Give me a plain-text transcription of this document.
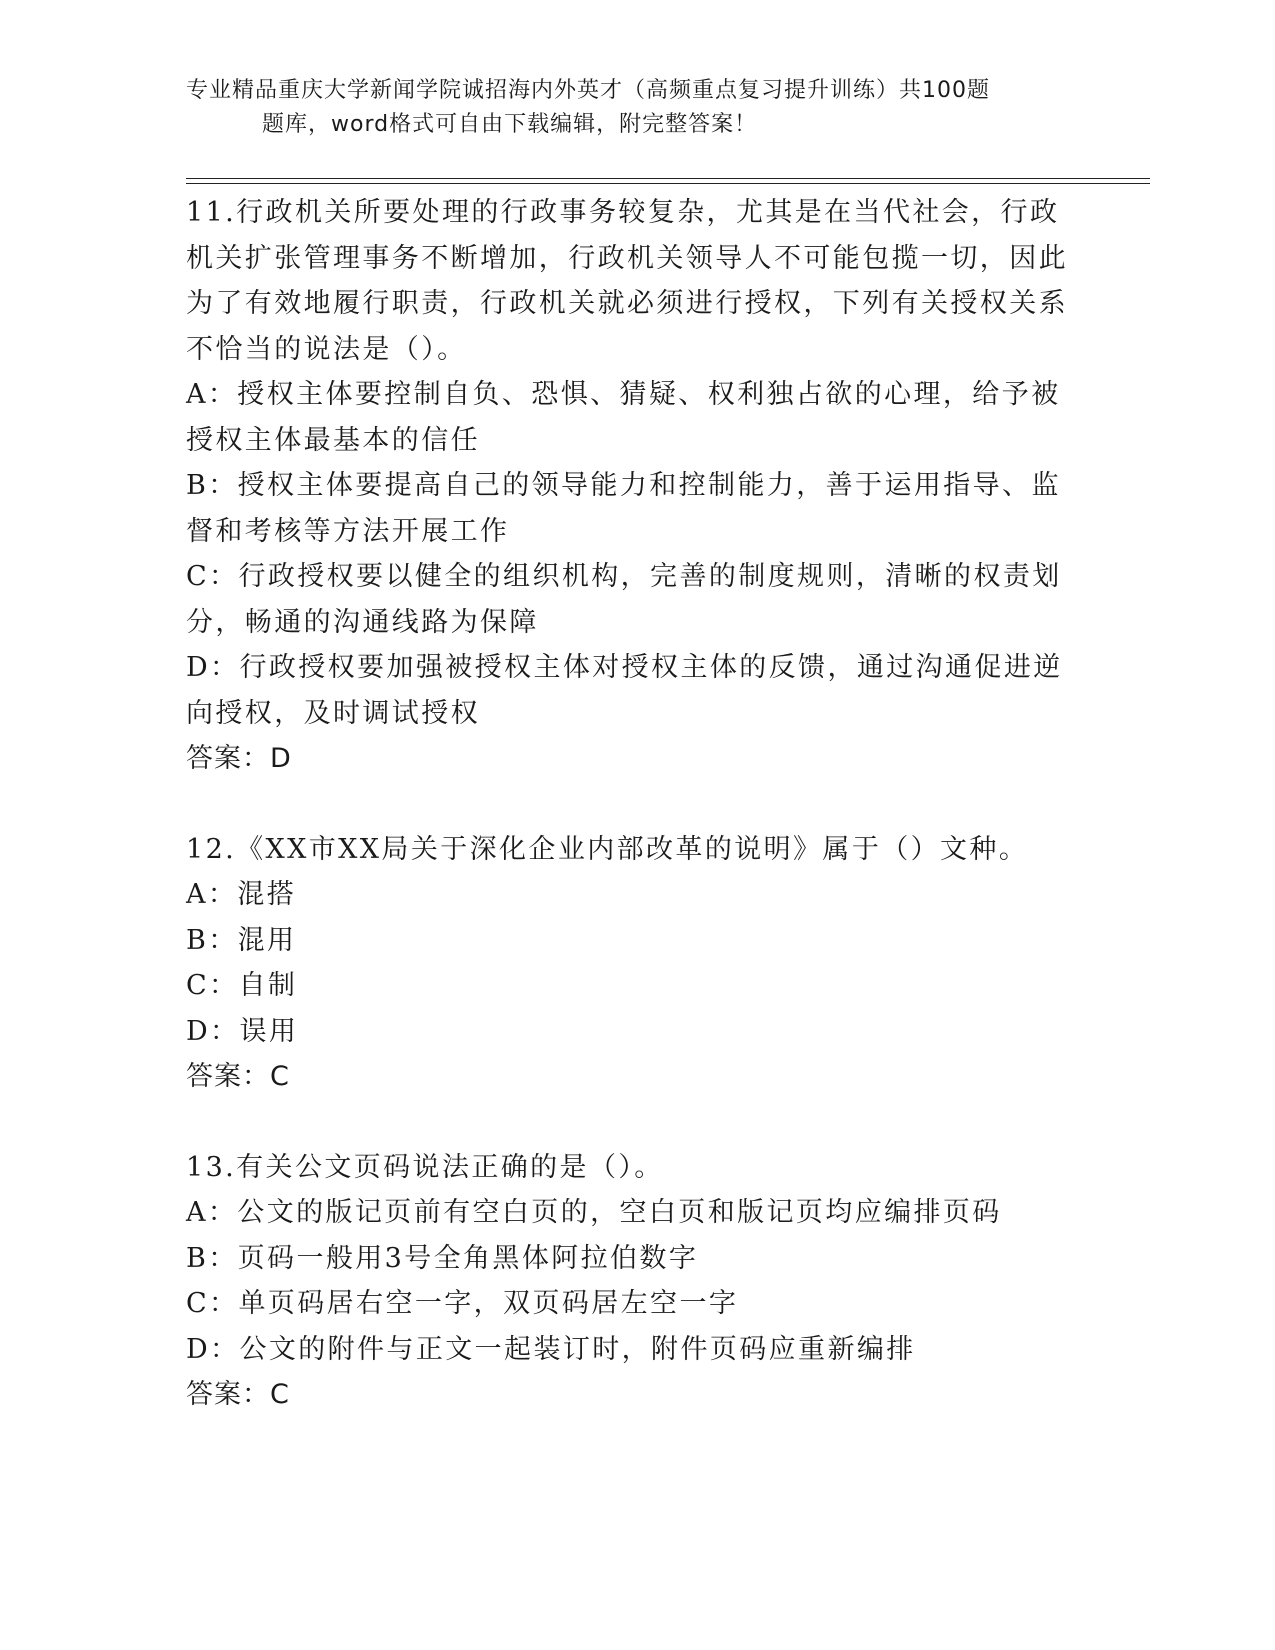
专业精品重庆大学新闻学院诚招海内外英才（高频重点复习提升训练）共100题
题库，word格式可自由下载编辑，附完整答案！

11.行政机关所要处理的行政事务较复杂，尤其是在当代社会，行政机关扩张管理事务不断增加，行政机关领导人不可能包揽一切，因此为了有效地履行职责，行政机关就必须进行授权，下列有关授权关系不恰当的说法是（）。

A：授权主体要控制自负、恐惧、猜疑、权利独占欲的心理，给予被授权主体最基本的信任

B：授权主体要提高自己的领导能力和控制能力，善于运用指导、监督和考核等方法开展工作

C：行政授权要以健全的组织机构，完善的制度规则，清晰的权责划分，畅通的沟通线路为保障

D：行政授权要加强被授权主体对授权主体的反馈，通过沟通促进逆向授权，及时调试授权

答案：D

12.《XX市XX局关于深化企业内部改革的说明》属于（）文种。

A：混搭

B：混用

C：自制

D：误用

答案：C

13.有关公文页码说法正确的是（）。

A：公文的版记页前有空白页的，空白页和版记页均应编排页码

B：页码一般用3号全角黑体阿拉伯数字

C：单页码居右空一字，双页码居左空一字

D：公文的附件与正文一起装订时，附件页码应重新编排

答案：C
